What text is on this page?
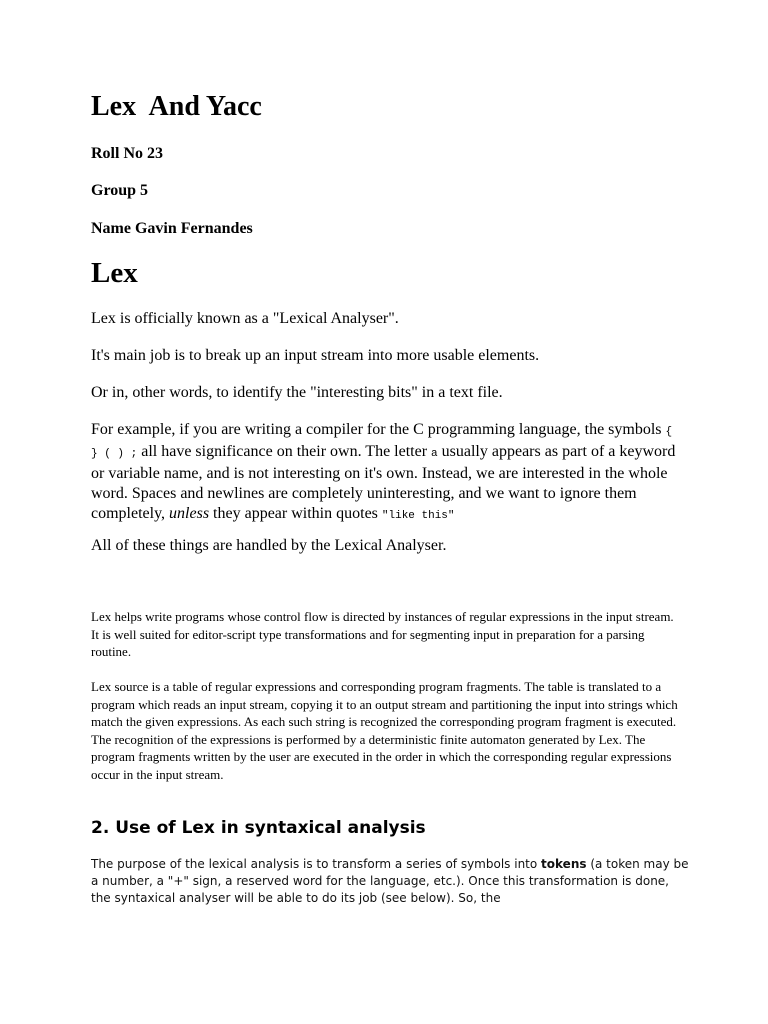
Lex  And Yacc

Roll No 23

Group 5

Name Gavin Fernandes

Lex

Lex is officially known as a "Lexical Analyser".

It's main job is to break up an input stream into more usable elements.

Or in, other words, to identify the "interesting bits" in a text file.

For example, if you are writing a compiler for the C programming language, the symbols { } ( ) ; all have significance on their own. The letter a usually appears as part of a keyword or variable name, and is not interesting on it's own. Instead, we are interested in the whole word. Spaces and newlines are completely uninteresting, and we want to ignore them completely, unless they appear within quotes "like this"

All of these things are handled by the Lexical Analyser.

Lex helps write programs whose control flow is directed by instances of regular expressions in the input stream. It is well suited for editor-script type transformations and for segmenting input in preparation for a parsing routine.

Lex source is a table of regular expressions and corresponding program fragments. The table is translated to a program which reads an input stream, copying it to an output stream and partitioning the input into strings which match the given expressions. As each such string is recognized the corresponding program fragment is executed. The recognition of the expressions is performed by a deterministic finite automaton generated by Lex. The program fragments written by the user are executed in the order in which the corresponding regular expressions occur in the input stream.

2. Use of Lex in syntaxical analysis

The purpose of the lexical analysis is to transform a series of symbols into tokens (a token may be a number, a "+" sign, a reserved word for the language, etc.). Once this transformation is done, the syntaxical analyser will be able to do its job (see below). So, the
